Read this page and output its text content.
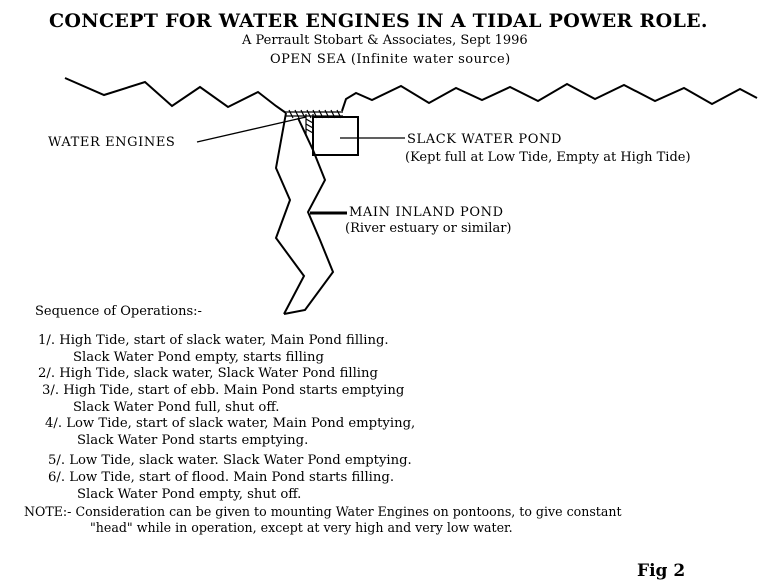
CONCEPT FOR WATER ENGINES IN A TIDAL POWER ROLE.
A Perrault Stobart & Associates, Sept 1996
OPEN SEA (Infinite water source)
WATER ENGINES	SLACK WATER POND
(Kept full at Low Tide, Empty at High Tide)
MAIN INLAND POND
(River estuary or similar)
Sequence of Operations:-
1/. High Tide, start of slack water, Main Pond filling.
Slack Water Pond empty, starts filling
2/. High Tide, slack water, Slack Water Pond filling
3/. High Tide, start of ebb. Main Pond starts emptying
Slack Water Pond full, shut off.
4/. Low Tide, start of slack water, Main Pond emptying,
Slack Water Pond starts emptying.
5/. Low Tide, slack water. Slack Water Pond emptying.
6/. Low Tide, start of flood. Main Pond starts filling.
Slack Water Pond empty, shut off.
NOTE:- Consideration can be given to mounting Water Engines on pontoons, to give constant
"head" while in operation, except at very high and very low water.
Fig 2
